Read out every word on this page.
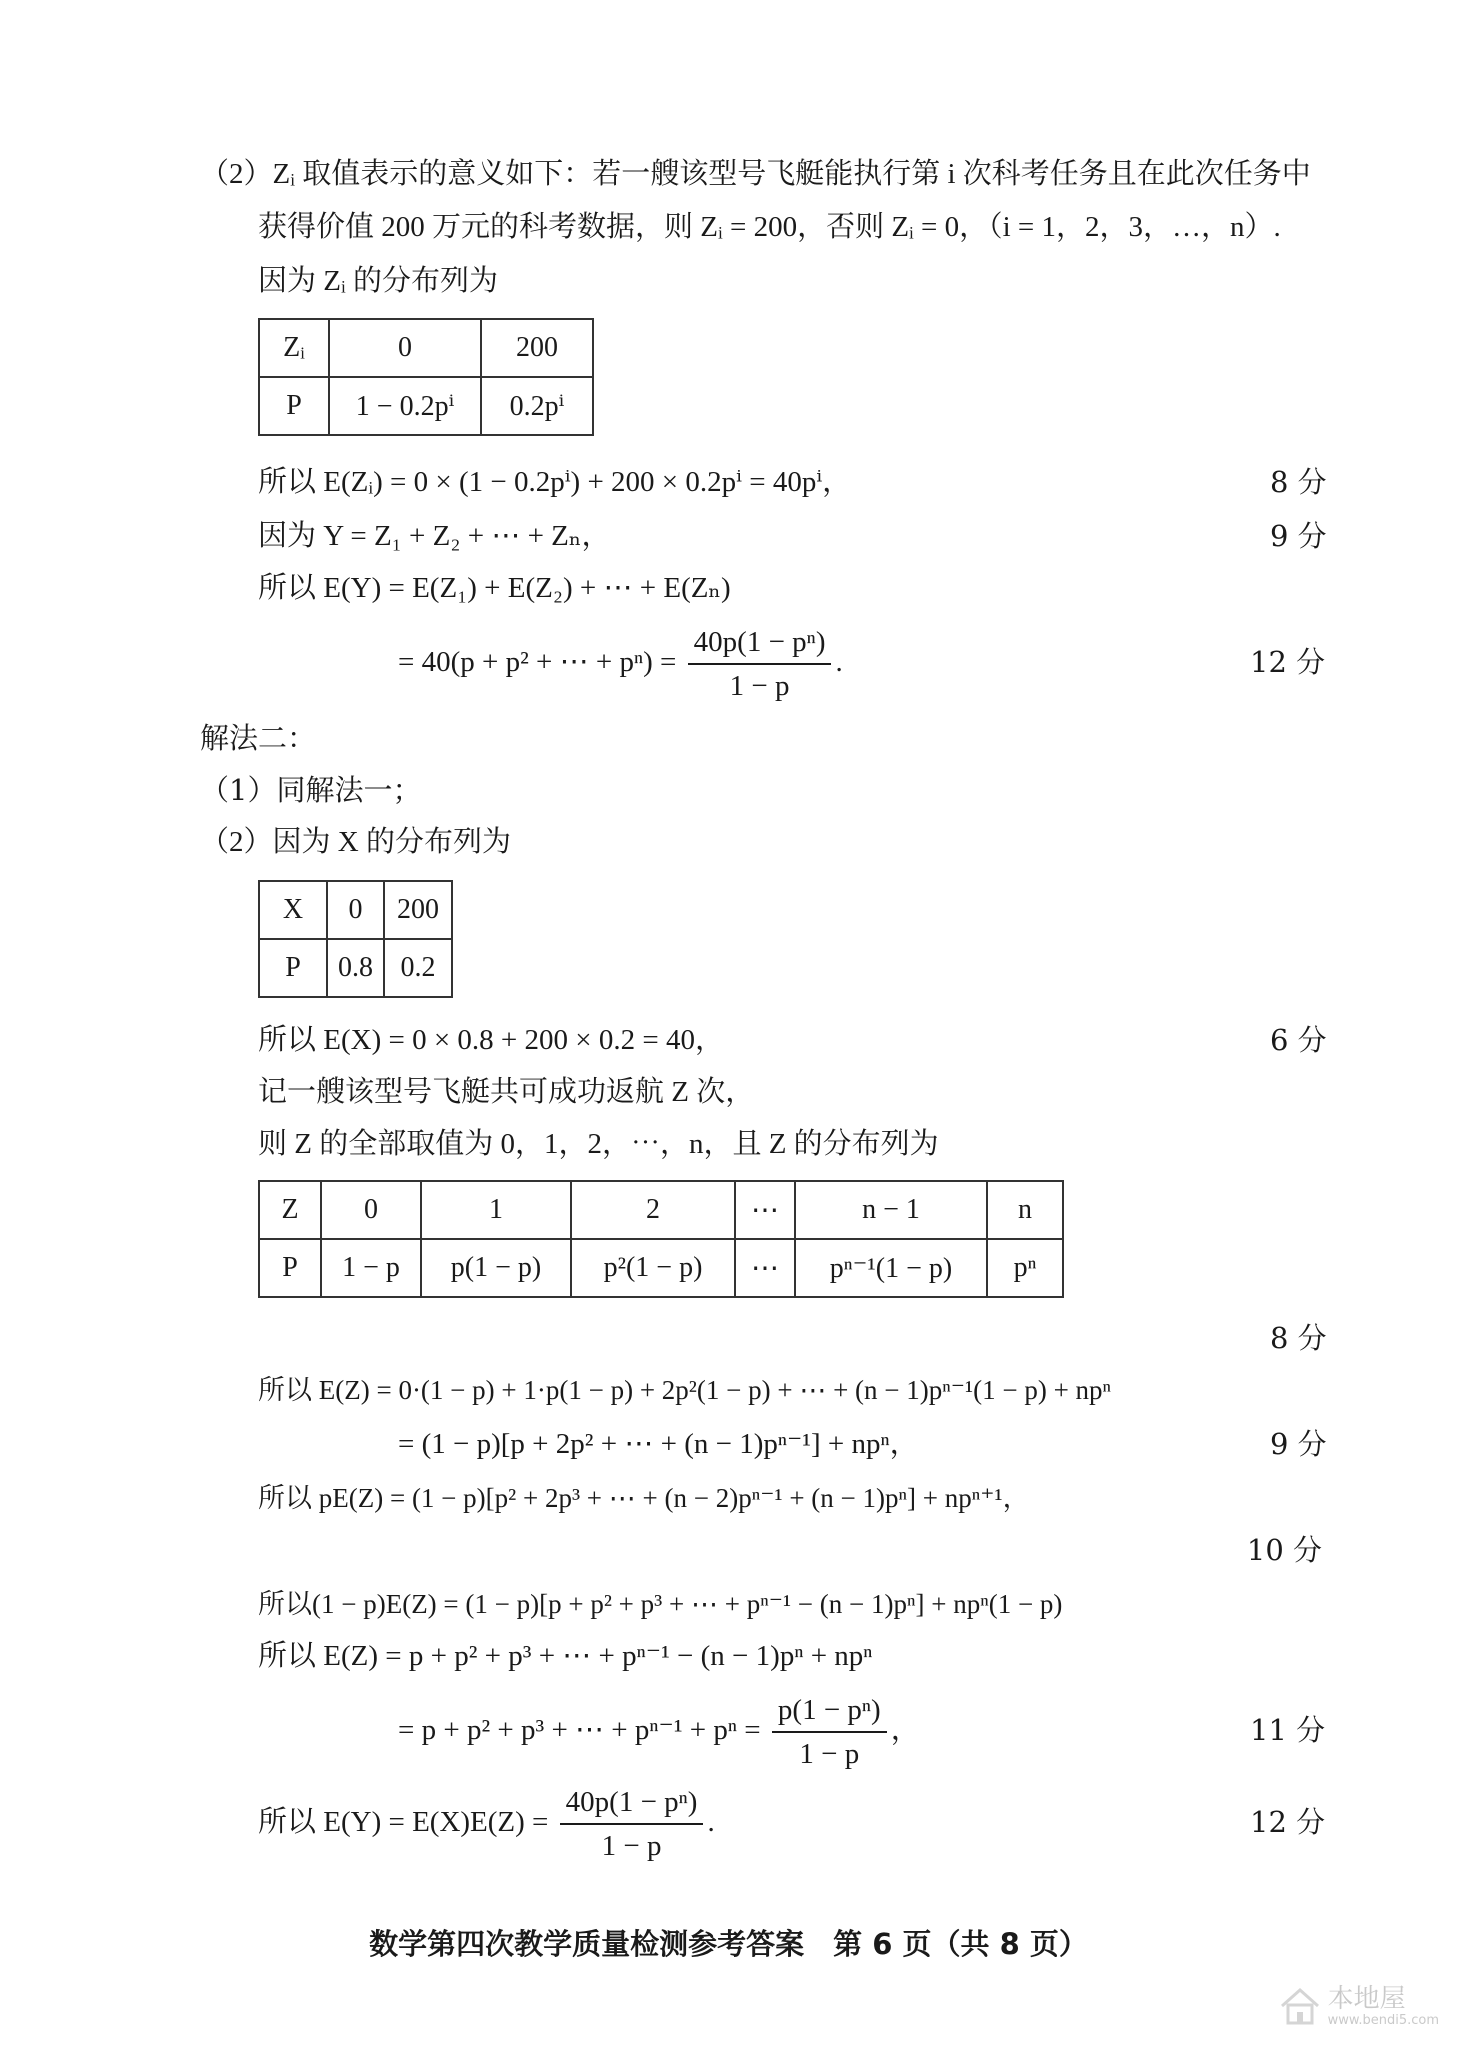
（2）Zᵢ 取值表示的意义如下：若一艘该型号飞艇能执行第 i 次科考任务且在此次任务中
获得价值 200 万元的科考数据，则 Zᵢ = 200，否则 Zᵢ = 0，（i = 1，2，3，…，n）.
因为 Zᵢ 的分布列为
Zᵢ	0	200
P	1 − 0.2pⁱ	0.2pⁱ
所以 E(Zᵢ) = 0 × (1 − 0.2pⁱ) + 200 × 0.2pⁱ = 40pⁱ，	8 分
因为 Y = Z₁ + Z₂ + ⋯ + Zₙ，	9 分
所以 E(Y) = E(Z₁) + E(Z₂) + ⋯ + E(Zₙ)
= 40(p + p² + ⋯ + $p^n) = \frac{\text{40p(1 − pⁿ)}}{1 - p}$ .	12 分
解法二：
（1）同解法一；
（2）因为 X 的分布列为
X	0	200
P	0.8	0.2
所以 E(X) = 0 × 0.8 + 200 × 0.2 = 40，	6 分
记一艘该型号飞艇共可成功返航 Z 次，
则 Z 的全部取值为 0，1，2，⋯，n，且 Z 的分布列为
Z	0	1	2	⋯	n − 1	n
P	1 − p	p(1 − p)	p²(1 − p)	⋯	pⁿ⁻¹(1 − p)	pⁿ
8 分
所以 E(Z) = 0·(1 − p) + 1·p(1 − p) + 2p²(1 − p) + ⋯ + (n − 1)pⁿ⁻¹(1 − p) + npⁿ
= (1 − p)[p + 2p² + ⋯ + (n − 1)pⁿ⁻¹] + npⁿ，	9 分
所以 pE(Z) = (1 − p)[p² + 2p³ + ⋯ + (n − 2)pⁿ⁻¹ + (n − 1)pⁿ] + npⁿ⁺¹，
10 分
所以(1 − p)E(Z) = (1 − p)[p + p² + p³ + ⋯ + pⁿ⁻¹ − (n − 1)pⁿ] + npⁿ(1 − p)
所以 E(Z) = p + p² + p³ + ⋯ + pⁿ⁻¹ − (n − 1)pⁿ + npⁿ
= p + p² + p³ + ⋯ + $p^{n-1} + p^n = \frac{\text{p(1 − pⁿ)}}{1 - p}$ ，	11 分
所以 $E(Y) = E(X)E(Z) = \frac{\text{40p(1 − pⁿ)}}{1 - p}$ .	12 分
数学第四次教学质量检测参考答案　第 6 页（共 8 页）
本地屋
www.bendi5.com
